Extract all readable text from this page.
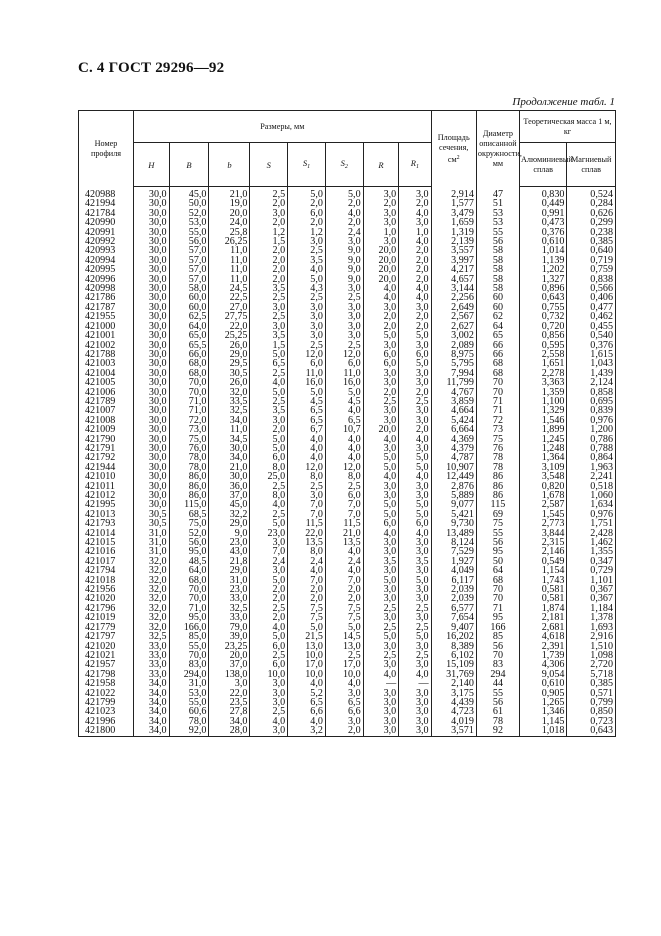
С. 4 ГОСТ 29296—92
Продолжение табл. 1
Номер профиля	Размеры, мм								Площадь сечения, $см^2$	Диаметр описанной окружности, мм	Теоретическая масса 1 м, кг	
	H	B	b	S	$S_1$	$S_2$	R	$R_1$			Алюминиевый сплав	Магниевый сплав
420988	30,0	45,0	21,0	2,5	5,0	5,0	3,0	3,0	2,914	47	0,830	0,524
421994	30,0	50,0	19,0	2,0	2,0	2,0	2,0	2,0	1,577	51	0,449	0,284
421784	30,0	52,0	20,0	3,0	6,0	4,0	3,0	4,0	3,479	53	0,991	0,626
420990	30,0	53,0	24,0	2,0	2,0	2,0	3,0	3,0	1,659	53	0,473	0,299
420991	30,0	55,0	25,8	1,2	1,2	2,4	1,0	1,0	1,319	55	0,376	0,238
420992	30,0	56,0	26,25	1,5	3,0	3,0	3,0	4,0	2,139	56	0,610	0,385
420993	30,0	57,0	11,0	2,0	2,5	9,0	20,0	2,0	3,557	58	1,014	0,640
420994	30,0	57,0	11,0	2,0	3,5	9,0	20,0	2,0	3,997	58	1,139	0,719
420995	30,0	57,0	11,0	2,0	4,0	9,0	20,0	2,0	4,217	58	1,202	0,759
420996	30,0	57,0	11,0	2,0	5,0	9,0	20,0	2,0	4,657	58	1,327	0,838
420998	30,0	58,0	24,5	3,5	4,3	3,0	4,0	4,0	3,144	58	0,896	0,566
421786	30,0	60,0	22,5	2,5	2,5	2,5	4,0	4,0	2,256	60	0,643	0,406
421787	30,0	60,0	27,0	3,0	3,0	3,0	3,0	3,0	2,649	60	0,755	0,477
421955	30,0	62,5	27,75	2,5	3,0	3,0	2,0	2,0	2,567	62	0,732	0,462
421000	30,0	64,0	22,0	3,0	3,0	3,0	2,0	2,0	2,627	64	0,720	0,455
421001	30,0	65,0	25,25	3,5	3,0	3,0	5,0	5,0	3,002	65	0,856	0,540
421002	30,0	65,5	26,0	1,5	2,5	2,5	3,0	3,0	2,089	66	0,595	0,376
421788	30,0	66,0	29,0	5,0	12,0	12,0	6,0	6,0	8,975	66	2,558	1,615
421003	30,0	68,0	29,5	6,5	6,0	6,0	6,0	5,0	5,795	68	1,651	1,043
421004	30,0	68,0	30,5	2,5	11,0	11,0	3,0	3,0	7,994	68	2,278	1,439
421005	30,0	70,0	26,0	4,0	16,0	16,0	3,0	3,0	11,799	70	3,363	2,124
421006	30,0	70,0	32,0	5,0	5,0	5,0	2,0	2,0	4,767	70	1,359	0,858
421789	30,0	71,0	33,5	2,5	4,5	4,5	2,5	2,5	3,859	71	1,100	0,695
421007	30,0	71,0	32,5	3,5	6,5	4,0	3,0	3,0	4,664	71	1,329	0,839
421008	30,0	72,0	34,0	3,0	6,5	6,5	3,0	3,0	5,424	72	1,546	0,976
421009	30,0	73,0	11,0	2,0	6,7	10,7	20,0	2,0	6,664	73	1,899	1,200
421790	30,0	75,0	34,5	5,0	4,0	4,0	4,0	4,0	4,369	75	1,245	0,786
421791	30,0	76,0	30,0	5,0	4,0	4,0	3,0	3,0	4,379	76	1,248	0,788
421792	30,0	78,0	34,0	6,0	4,0	4,0	5,0	5,0	4,787	78	1,364	0,864
421944	30,0	78,0	21,0	8,0	12,0	12,0	5,0	5,0	10,907	78	3,109	1,963
421010	30,0	86,0	30,0	25,0	8,0	8,0	4,0	4,0	12,449	86	3,548	2,241
421011	30,0	86,0	36,0	2,5	2,5	2,5	3,0	3,0	2,876	86	0,820	0,518
421012	30,0	86,0	37,0	8,0	3,0	6,0	3,0	3,0	5,889	86	1,678	1,060
421995	30,0	115,0	45,0	4,0	7,0	7,0	5,0	5,0	9,077	115	2,587	1,634
421013	30,5	68,5	32,2	2,5	7,0	7,0	5,0	5,0	5,421	69	1,545	0,976
421793	30,5	75,0	29,0	5,0	11,5	11,5	6,0	6,0	9,730	75	2,773	1,751
421014	31,0	52,0	9,0	23,0	22,0	21,0	4,0	4,0	13,489	55	3,844	2,428
421015	31,0	56,0	23,0	3,0	13,5	13,5	3,0	3,0	8,124	56	2,315	1,462
421016	31,0	95,0	43,0	7,0	8,0	4,0	3,0	3,0	7,529	95	2,146	1,355
421017	32,0	48,5	21,8	2,4	2,4	2,4	3,5	3,5	1,927	50	0,549	0,347
421794	32,0	64,0	29,0	3,0	4,0	4,0	3,0	3,0	4,049	64	1,154	0,729
421018	32,0	68,0	31,0	5,0	7,0	7,0	5,0	5,0	6,117	68	1,743	1,101
421956	32,0	70,0	23,0	2,0	2,0	2,0	3,0	3,0	2,039	70	0,581	0,367
421020	32,0	70,0	33,0	2,0	2,0	2,0	3,0	3,0	2,039	70	0,581	0,367
421796	32,0	71,0	32,5	2,5	7,5	7,5	2,5	2,5	6,577	71	1,874	1,184
421019	32,0	95,0	33,0	2,0	7,5	7,5	3,0	3,0	7,654	95	2,181	1,378
421779	32,0	166,0	79,0	4,0	5,0	5,0	2,5	2,5	9,407	166	2,681	1,693
421797	32,5	85,0	39,0	5,0	21,5	14,5	5,0	5,0	16,202	85	4,618	2,916
421020	33,0	55,0	23,25	6,0	13,0	13,0	3,0	3,0	8,389	56	2,391	1,510
421021	33,0	70,0	20,0	2,5	10,0	2,5	2,5	2,5	6,102	70	1,739	1,098
421957	33,0	83,0	37,0	6,0	17,0	17,0	3,0	3,0	15,109	83	4,306	2,720
421798	33,0	294,0	138,0	10,0	10,0	10,0	4,0	4,0	31,769	294	9,054	5,718
421958	34,0	31,0	3,0	3,0	4,0	4,0	—	—	2,140	44	0,610	0,385
421022	34,0	53,0	22,0	3,0	5,2	3,0	3,0	3,0	3,175	55	0,905	0,571
421799	34,0	55,0	23,5	3,0	6,5	6,5	3,0	3,0	4,439	56	1,265	0,799
421023	34,0	60,6	27,8	2,5	6,6	6,6	3,0	3,0	4,723	61	1,346	0,850
421996	34,0	78,0	34,0	4,0	4,0	3,0	3,0	3,0	4,019	78	1,145	0,723
421800	34,0	92,0	28,0	3,0	3,2	2,0	3,0	3,0	3,571	92	1,018	0,643
